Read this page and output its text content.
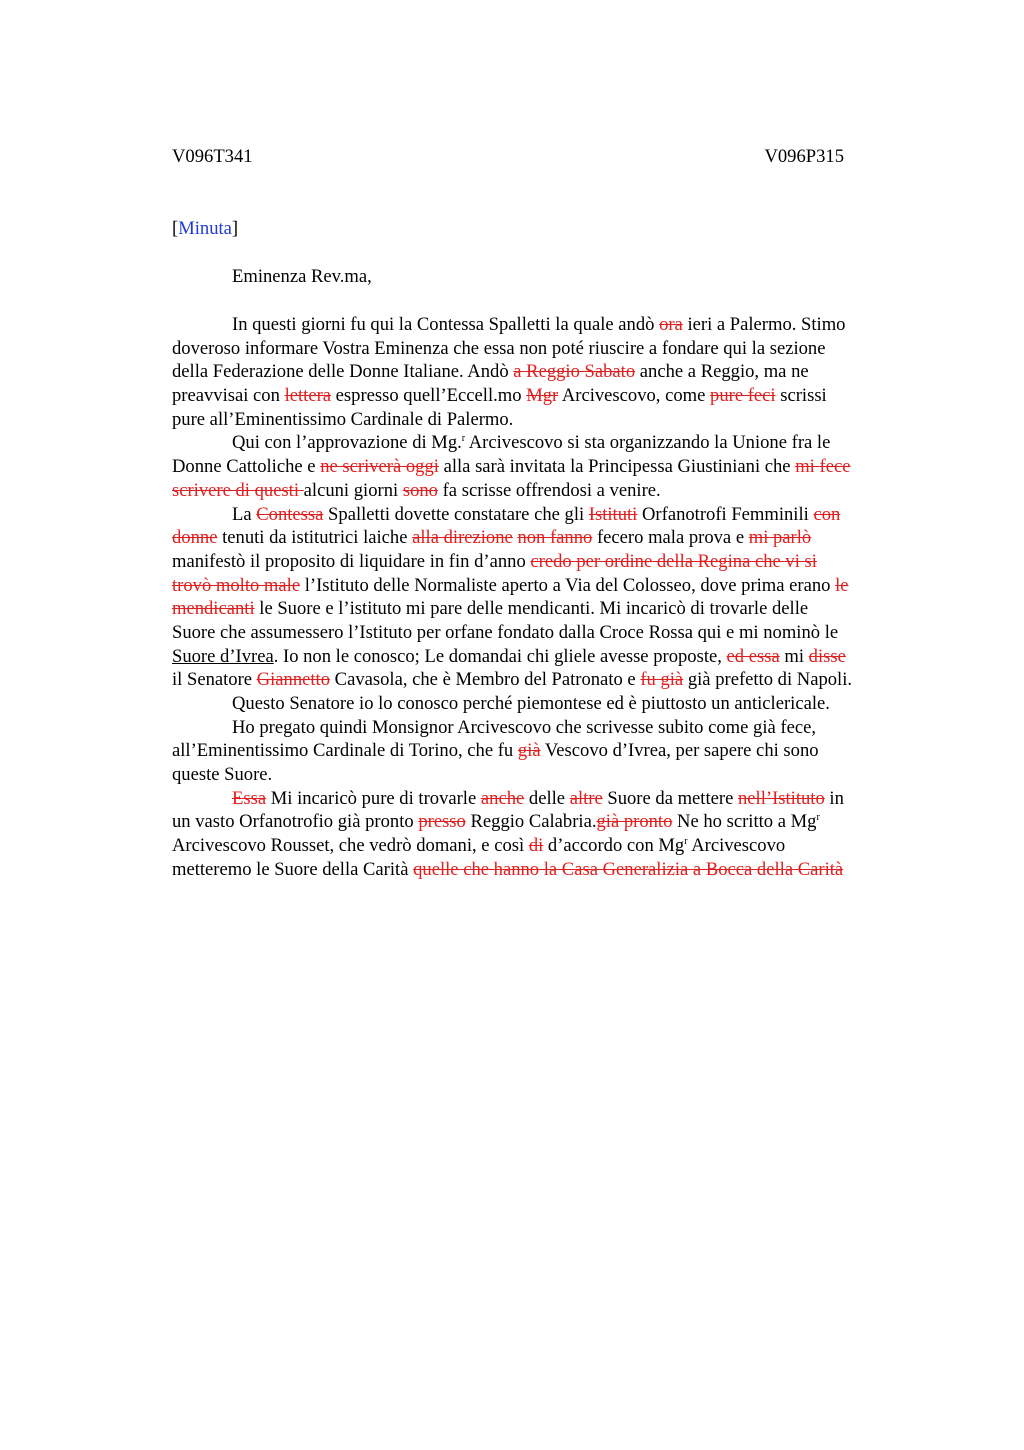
V096T341	V096P315
[Minuta]
Eminenza Rev.ma,
In questi giorni fu qui la Contessa Spalletti la quale andò ora ieri a Palermo. Stimo
doveroso informare Vostra Eminenza che essa non poté riuscire a fondare qui la sezione
della Federazione delle Donne Italiane. Andò a Reggio Sabato anche a Reggio, ma ne
preavvisai con lettera espresso quell’Eccell.mo Mgr Arcivescovo, come pure feci scrissi
pure all’Eminentissimo Cardinale di Palermo.
Qui con l’approvazione di Mg.$^r$ Arcivescovo si sta organizzando la Unione fra le
Donne Cattoliche e ne scriverà oggi alla sarà invitata la Principessa Giustiniani che mi fece
scrivere di questi alcuni giorni sono fa scrisse offrendosi a venire.
La Contessa Spalletti dovette constatare che gli Istituti Orfanotrofi Femminili con
donne tenuti da istitutrici laiche alla direzione non fanno fecero mala prova e mi parlò
manifestò il proposito di liquidare in fin d’anno credo per ordine della Regina che vi si
trovò molto male l’Istituto delle Normaliste aperto a Via del Colosseo, dove prima erano le
mendicanti le Suore e l’istituto mi pare delle mendicanti. Mi incaricò di trovarle delle
Suore che assumessero l’Istituto per orfane fondato dalla Croce Rossa qui e mi nominò le
Suore d’Ivrea. Io non le conosco; Le domandai chi gliele avesse proposte, ed essa mi disse
il Senatore Giannetto Cavasola, che è Membro del Patronato e fu già già prefetto di Napoli.
Questo Senatore io lo conosco perché piemontese ed è piuttosto un anticlericale.
Ho pregato quindi Monsignor Arcivescovo che scrivesse subito come già fece,
all’Eminentissimo Cardinale di Torino, che fu già Vescovo d’Ivrea, per sapere chi sono
queste Suore.
Essa Mi incaricò pure di trovarle anche delle altre Suore da mettere nell’Istituto in
un vasto Orfanotrofio già pronto presso Reggio Calabria.già pronto Ne ho scritto a Mg$^r$
Arcivescovo Rousset, che vedrò domani, e così di d’accordo con Mg$^r$ Arcivescovo
metteremo le Suore della Carità quelle che hanno la Casa Generalizia a Bocca della Carità
